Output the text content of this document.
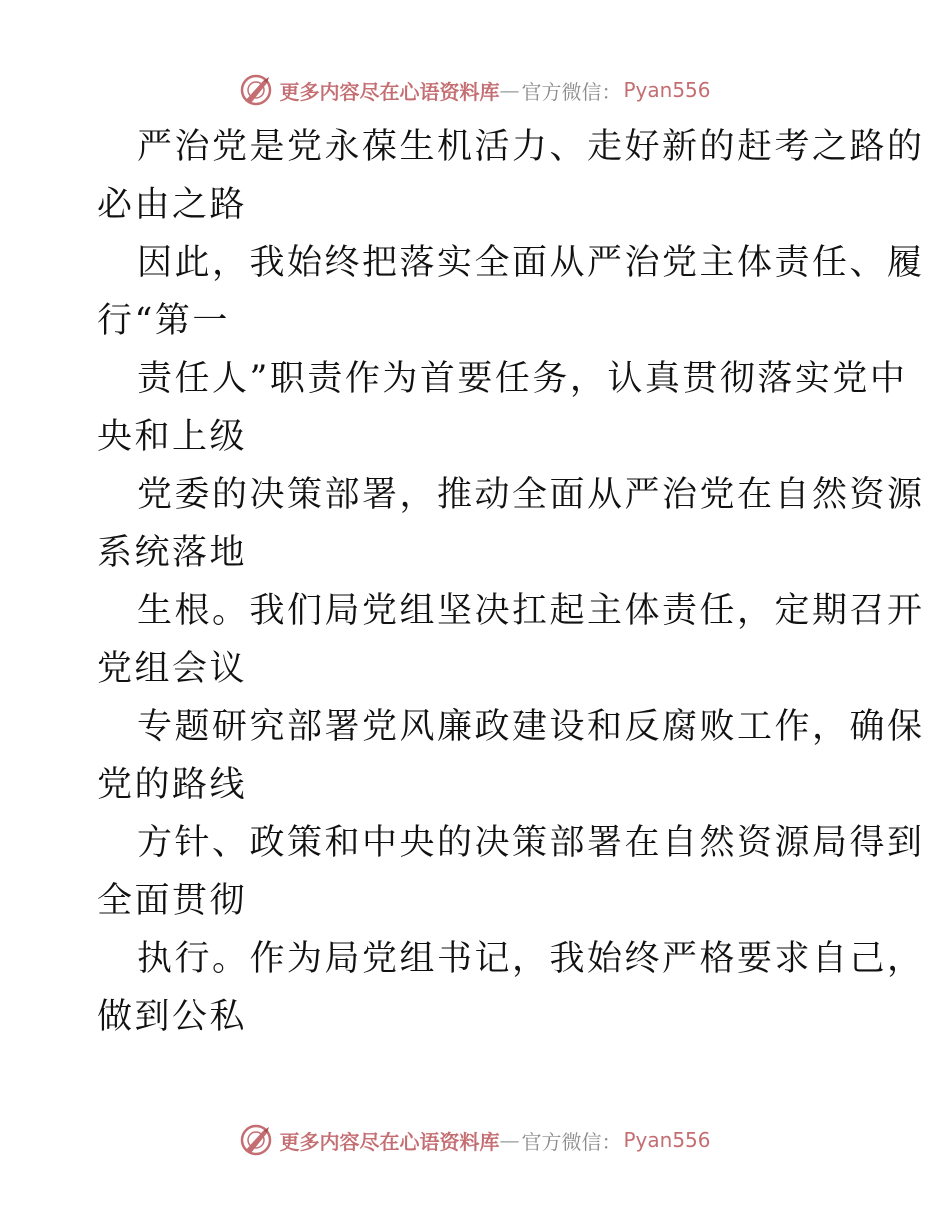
更多内容尽在心语资料库 — 官方微信： Pyan556
严治党是党永葆生机活力、走好新的赶考之路的
必由之路
因此，我始终把落实全面从严治党主体责任、履
行“第一
责任人”职责作为首要任务，认真贯彻落实党中
央和上级
党委的决策部署，推动全面从严治党在自然资源
系统落地
生根。我们局党组坚决扛起主体责任，定期召开
党组会议
专题研究部署党风廉政建设和反腐败工作，确保
党的路线
方针、政策和中央的决策部署在自然资源局得到
全面贯彻
执行。作为局党组书记，我始终严格要求自己，
做到公私
更多内容尽在心语资料库 — 官方微信： Pyan556
